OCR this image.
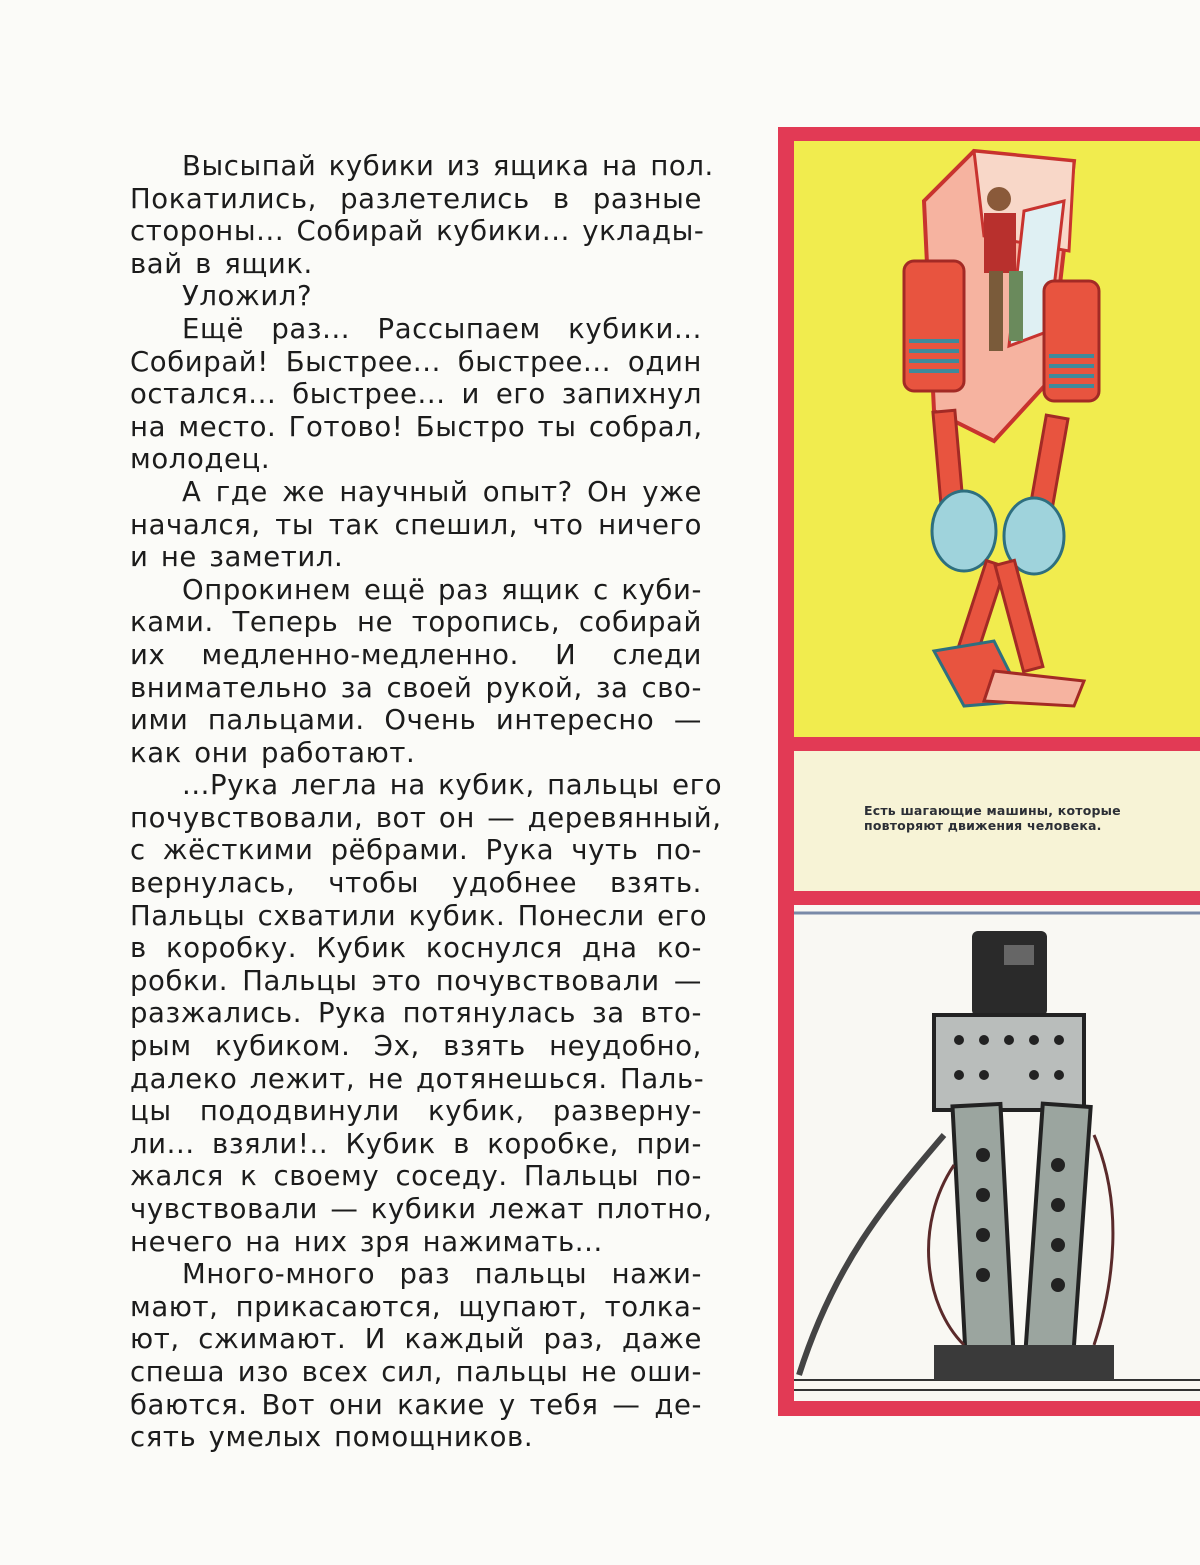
Высыпай кубики из ящика на пол.
Покатились, разлетелись в разные
стороны... Собирай кубики... уклады-
вай в ящик.

Уложил?

Ещё раз... Рассыпаем кубики...
Собирай! Быстрее... быстрее... один
остался... быстрее... и его запихнул
на место. Готово! Быстро ты собрал,
молодец.

А где же научный опыт? Он уже
начался, ты так спешил, что ничего
и не заметил.

Опрокинем ещё раз ящик с куби-
ками. Теперь не торопись, собирай
их медленно-медленно. И следи
внимательно за своей рукой, за сво-
ими пальцами. Очень интересно —
как они работают.

...Рука легла на кубик, пальцы его
почувствовали, вот он — деревянный,
с жёсткими рёбрами. Рука чуть по-
вернулась, чтобы удобнее взять.
Пальцы схватили кубик. Понесли его
в коробку. Кубик коснулся дна ко-
робки. Пальцы это почувствовали —
разжались. Рука потянулась за вто-
рым кубиком. Эх, взять неудобно,
далеко лежит, не дотянешься. Паль-
цы пододвинули кубик, разверну-
ли... взяли!.. Кубик в коробке, при-
жался к своему соседу. Пальцы по-
чувствовали — кубики лежат плотно,
нечего на них зря нажимать...

Много-много раз пальцы нажи-
мают, прикасаются, щупают, толка-
ют, сжимают. И каждый раз, даже
спеша изо всех сил, пальцы не оши-
баются. Вот они какие у тебя — де-
сять умелых помощников.

Есть шагающие машины, которые
повторяют движения человека.
